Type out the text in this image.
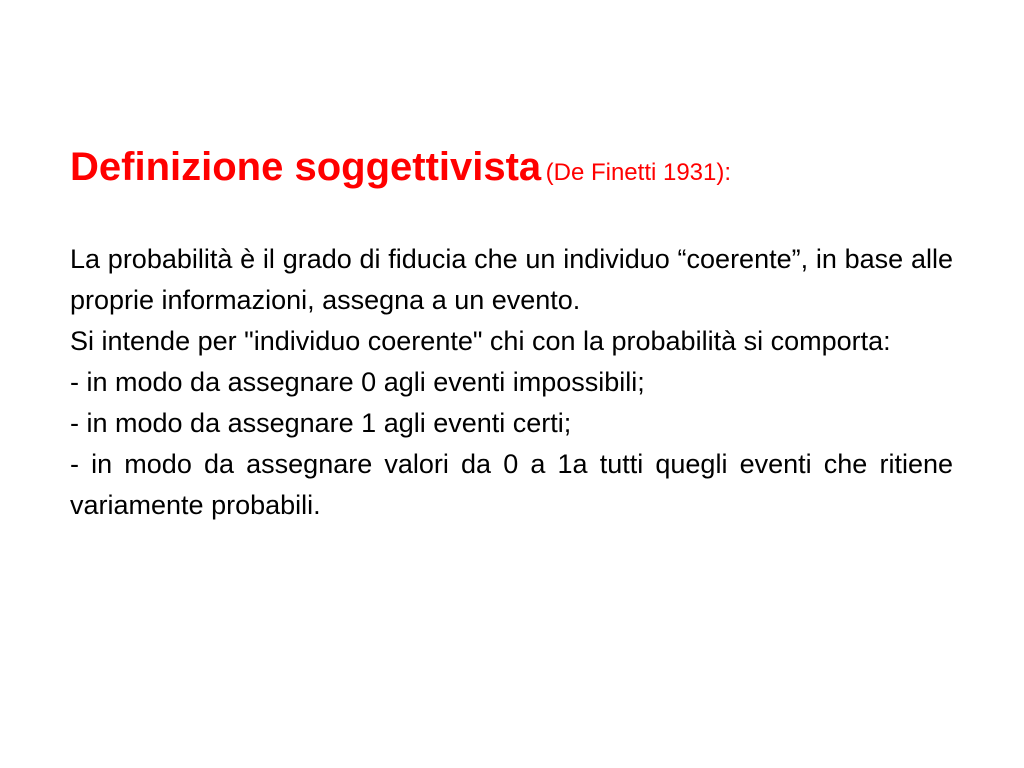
Definizione soggettivista (De Finetti 1931):

La probabilità è il grado di fiducia che un individuo “coerente”, in base alle proprie informazioni, assegna a un evento.

Si intende per "individuo coerente" chi con la probabilità si comporta:

- in modo da assegnare 0 agli eventi impossibili;

- in modo da assegnare 1 agli eventi certi;

- in modo da assegnare valori da 0 a 1a tutti quegli eventi che ritiene variamente probabili.
